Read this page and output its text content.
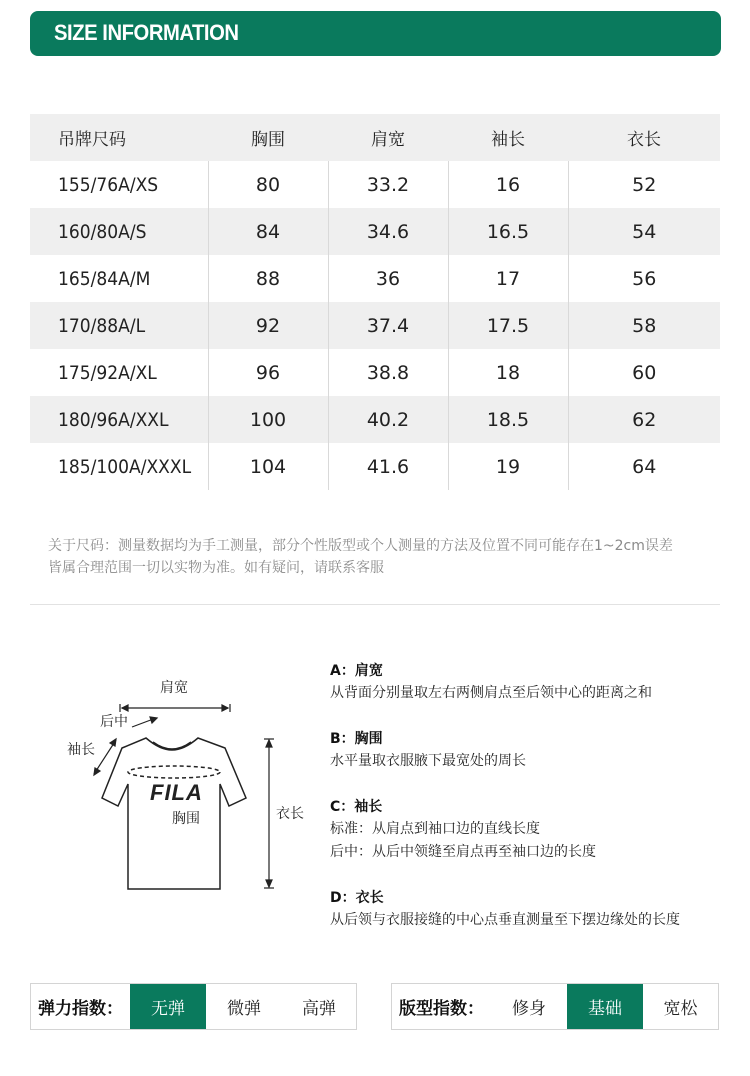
SIZE INFORMATION
吊牌尺码	胸围	肩宽	袖长	衣长
155/76A/XS	80	33.2	16	52
160/80A/S	84	34.6	16.5	54
165/84A/M	88	36	17	56
170/88A/L	92	37.4	17.5	58
175/92A/XL	96	38.8	18	60
180/96A/XXL	100	40.2	18.5	62
185/100A/XXXL	104	41.6	19	64
关于尺码：测量数据均为手工测量，部分个性版型或个人测量的方法及位置不同可能存在1~2cm误差
皆属合理范围一切以实物为准。如有疑问，请联系客服
肩宽
后中
袖长
FILA
胸围	衣长
A：肩宽
从背面分别量取左右两侧肩点至后领中心的距离之和
B：胸围
水平量取衣服腋下最宽处的周长
C：袖长
标准：从肩点到袖口边的直线长度
后中：从后中领缝至肩点再至袖口边的长度
D：衣长
从后领与衣服接缝的中心点垂直测量至下摆边缘处的长度
弹力指数：	无弹	微弹	高弹	版型指数：	修身	基础	宽松
